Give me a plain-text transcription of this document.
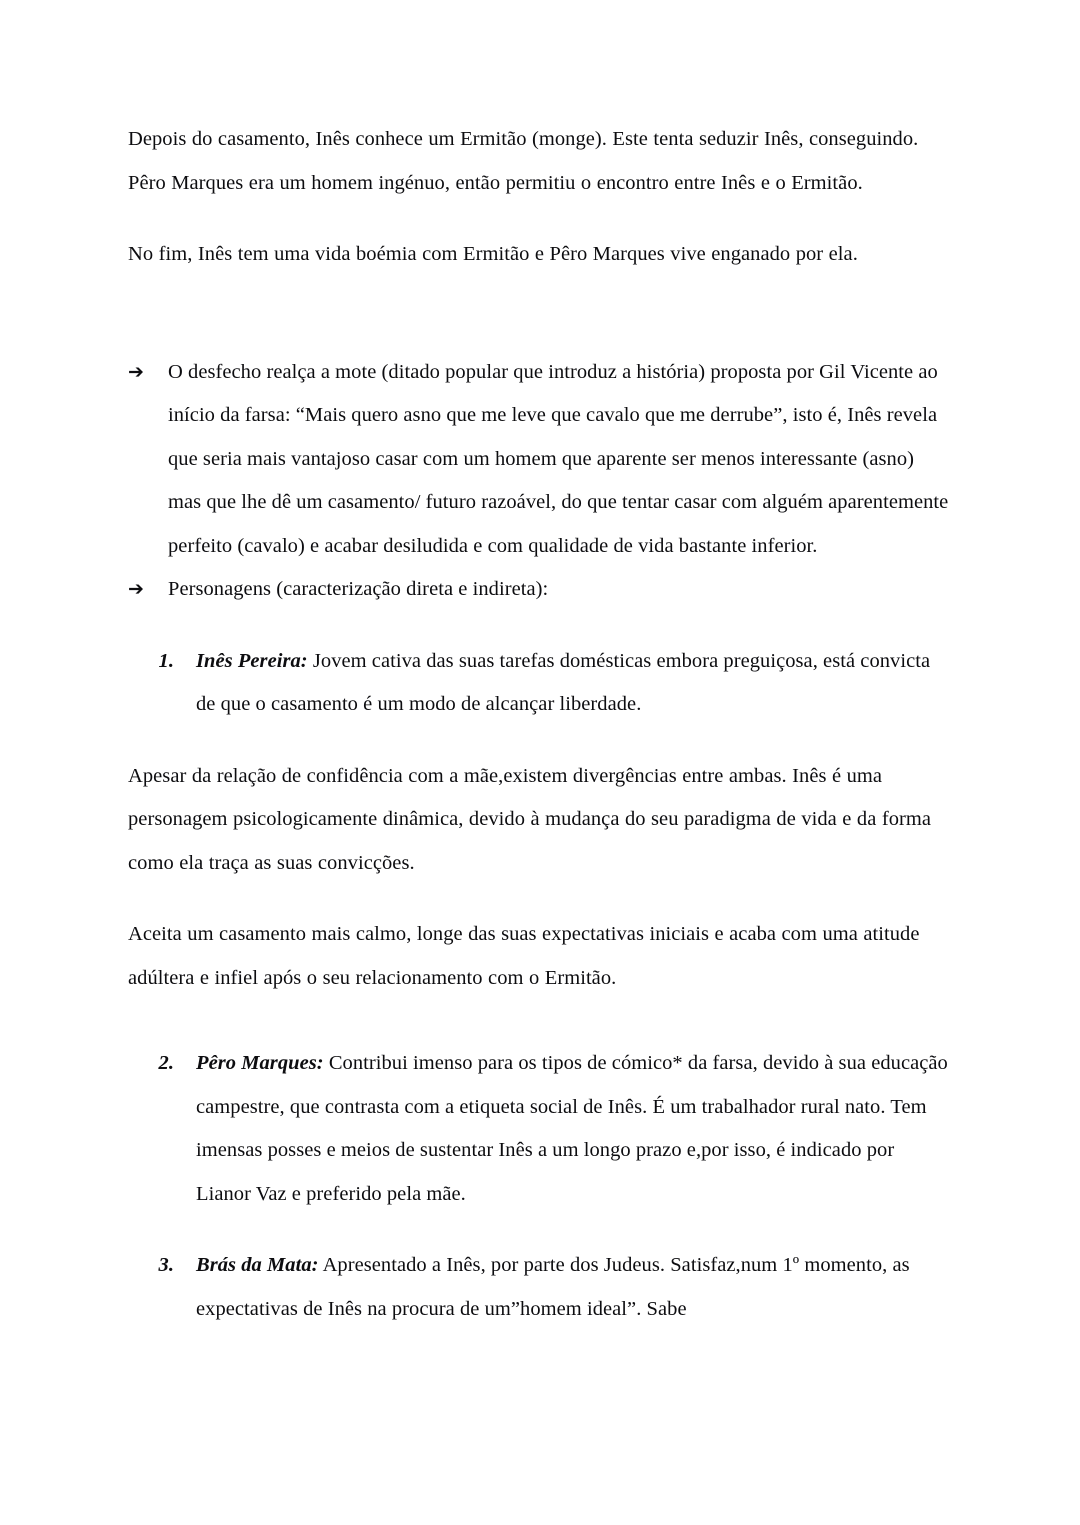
Depois do casamento, Inês conhece um Ermitão (monge). Este tenta seduzir Inês, conseguindo. Pêro Marques era um homem ingénuo, então permitiu o encontro entre Inês e o Ermitão.

No fim, Inês tem uma vida boémia com Ermitão e Pêro Marques vive enganado por ela.

➔	O desfecho realça a mote (ditado popular que introduz a história) proposta por Gil Vicente ao início da farsa: “Mais quero asno que me leve que cavalo que me derrube”, isto é, Inês revela que seria mais vantajoso casar com um homem que aparente ser menos interessante (asno) mas que lhe dê um casamento/ futuro razoável, do que tentar casar com alguém aparentemente perfeito (cavalo) e acabar desiludida e com qualidade de vida bastante inferior.
➔	Personagens (caracterização direta e indireta):
1. Inês Pereira: Jovem cativa das suas tarefas domésticas embora preguiçosa, está convicta de que o casamento é um modo de alcançar liberdade.

Apesar da relação de confidência com a mãe,existem divergências entre ambas. Inês é uma personagem psicologicamente dinâmica, devido à mudança do seu paradigma de vida e da forma como ela traça as suas convicções.

Aceita um casamento mais calmo, longe das suas expectativas iniciais e acaba com uma atitude adúltera e infiel após o seu relacionamento com o Ermitão.

2. Pêro Marques: Contribui imenso para os tipos de cómico* da farsa, devido à sua educação campestre, que contrasta com a etiqueta social de Inês. É um trabalhador rural nato. Tem imensas posses e meios de sustentar Inês a um longo prazo e,por isso, é indicado por Lianor Vaz e preferido pela mãe.
3. Brás da Mata: Apresentado a Inês, por parte dos Judeus. Satisfaz,num 1º momento, as expectativas de Inês na procura de um”homem ideal”. Sabe
